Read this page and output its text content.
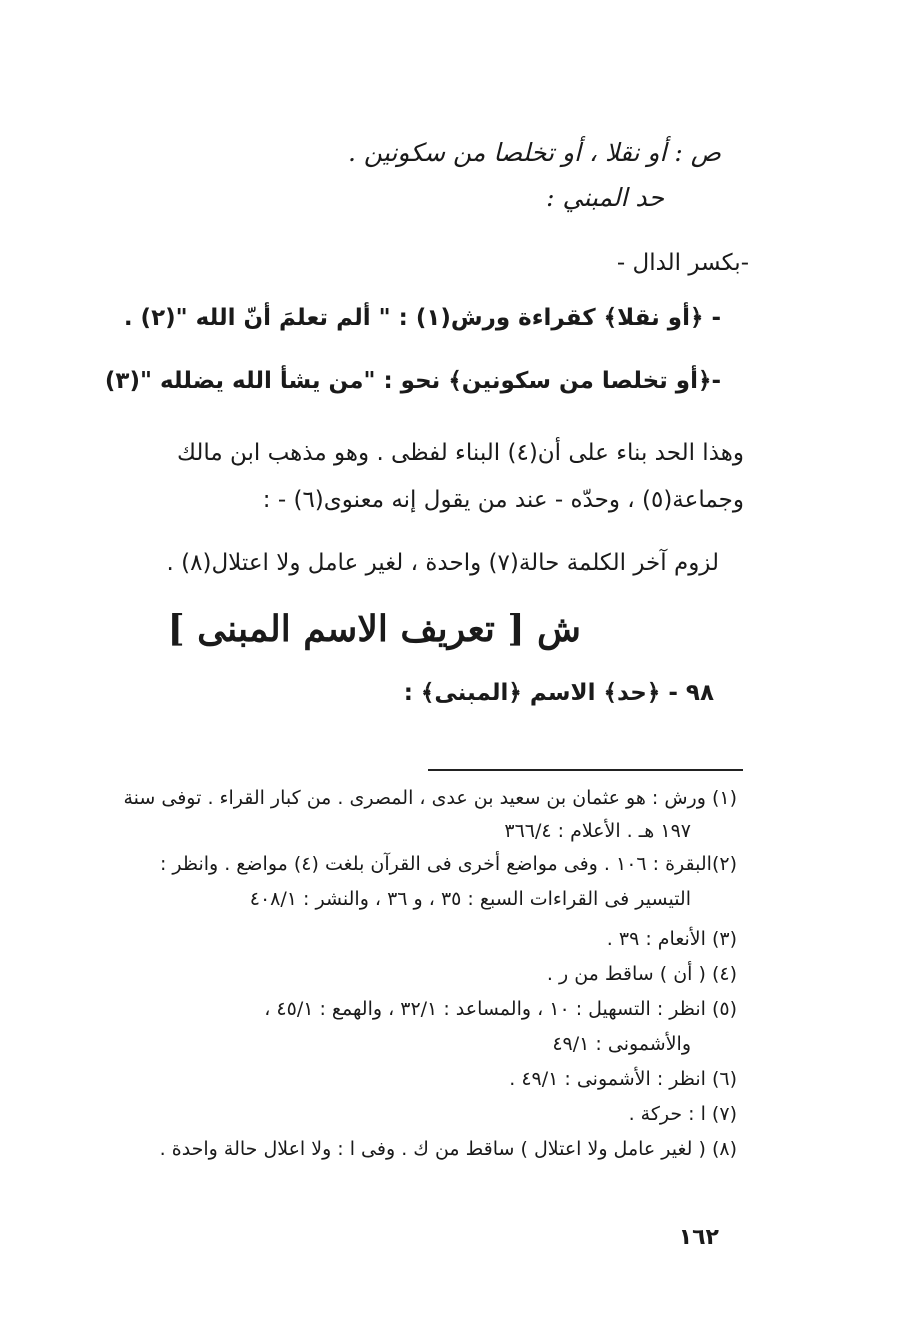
ص : أو نقلا ، أو تخلصا من سكونين .
حد المبني :
-بكسر الدال -
- ﴿أو نقلا﴾ كقراءة ورش(١) : " ألم تعلمَ أنّ الله "(٢) .
-﴿أو تخلصا من سكونين﴾ نحو : "من يشأ الله يضلله "(٣)
وهذا الحد بناء على أن(٤) البناء لفظى . وهو مذهب ابن مالك
وجماعة(٥) ، وحدّه - عند من يقول إنه معنوى(٦) - :
لزوم آخر الكلمة حالة(٧) واحدة ، لغير عامل ولا اعتلال(٨) .
ش [ تعريف الاسم المبنى ]
٩٨ - ﴿حد﴾ الاسم ﴿المبنى﴾ :
(١) ورش : هو عثمان بن سعيد بن عدى ، المصرى . من كبار القراء . توفى سنة
١٩٧ هـ . الأعلام : ٣٦٦/٤
(٢)البقرة : ١٠٦ . وفى مواضع أخرى فى القرآن بلغت (٤) مواضع . وانظر :
التيسير فى القراءات السبع : ٣٥ ، و ٣٦ ، والنشر : ٤٠٨/١
(٣) الأنعام : ٣٩ .
(٤) ( أن ) ساقط من ر .
(٥) انظر : التسهيل : ١٠ ، والمساعد : ٣٢/١ ، والهمع : ٤٥/١ ،
والأشمونى : ٤٩/١
(٦) انظر : الأشمونى : ٤٩/١ .
(٧) ا : حركة .
(٨) ( لغير عامل ولا اعتلال ) ساقط من ك . وفى ا : ولا اعلال حالة واحدة .
١٦٢
